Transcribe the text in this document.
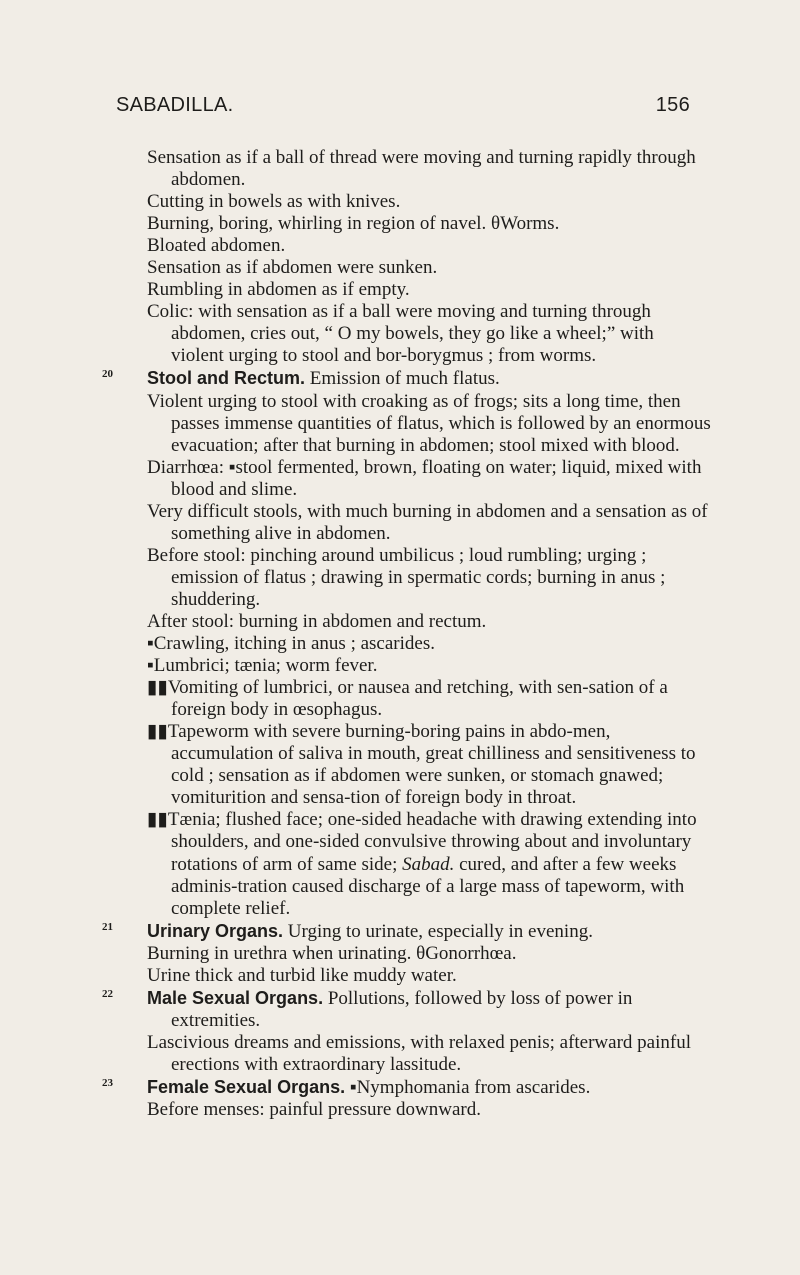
SABADILLA.	156
Sensation as if a ball of thread were moving and turning rapidly through abdomen.
Cutting in bowels as with knives.
Burning, boring, whirling in region of navel. θWorms.
Bloated abdomen.
Sensation as if abdomen were sunken.
Rumbling in abdomen as if empty.
Colic: with sensation as if a ball were moving and turning through abdomen, cries out, “ O my bowels, they go like a wheel;” with violent urging to stool and bor-borygmus ; from worms.
20	Stool and Rectum. Emission of much flatus.
Violent urging to stool with croaking as of frogs; sits a long time, then passes immense quantities of flatus, which is followed by an enormous evacuation; after that burning in abdomen; stool mixed with blood.
Diarrhœa: ▪stool fermented, brown, floating on water; liquid, mixed with blood and slime.
Very difficult stools, with much burning in abdomen and a sensation as of something alive in abdomen.
Before stool: pinching around umbilicus ; loud rumbling; urging ; emission of flatus ; drawing in spermatic cords; burning in anus ; shuddering.
After stool: burning in abdomen and rectum.
▪Crawling, itching in anus ; ascarides.
▪Lumbrici; tænia; worm fever.
▮▮Vomiting of lumbrici, or nausea and retching, with sen-sation of a foreign body in œsophagus.
▮▮Tapeworm with severe burning-boring pains in abdo-men, accumulation of saliva in mouth, great chilliness and sensitiveness to cold ; sensation as if abdomen were sunken, or stomach gnawed; vomiturition and sensa-tion of foreign body in throat.
▮▮Tænia; flushed face; one-sided headache with drawing extending into shoulders, and one-sided convulsive throwing about and involuntary rotations of arm of same side; Sabad. cured, and after a few weeks adminis-tration caused discharge of a large mass of tapeworm, with complete relief.
21	Urinary Organs. Urging to urinate, especially in evening.
Burning in urethra when urinating. θGonorrhœa.
Urine thick and turbid like muddy water.
22	Male Sexual Organs. Pollutions, followed by loss of power in extremities.
Lascivious dreams and emissions, with relaxed penis; afterward painful erections with extraordinary lassitude.
23	Female Sexual Organs. ▪Nymphomania from ascarides.
Before menses: painful pressure downward.
